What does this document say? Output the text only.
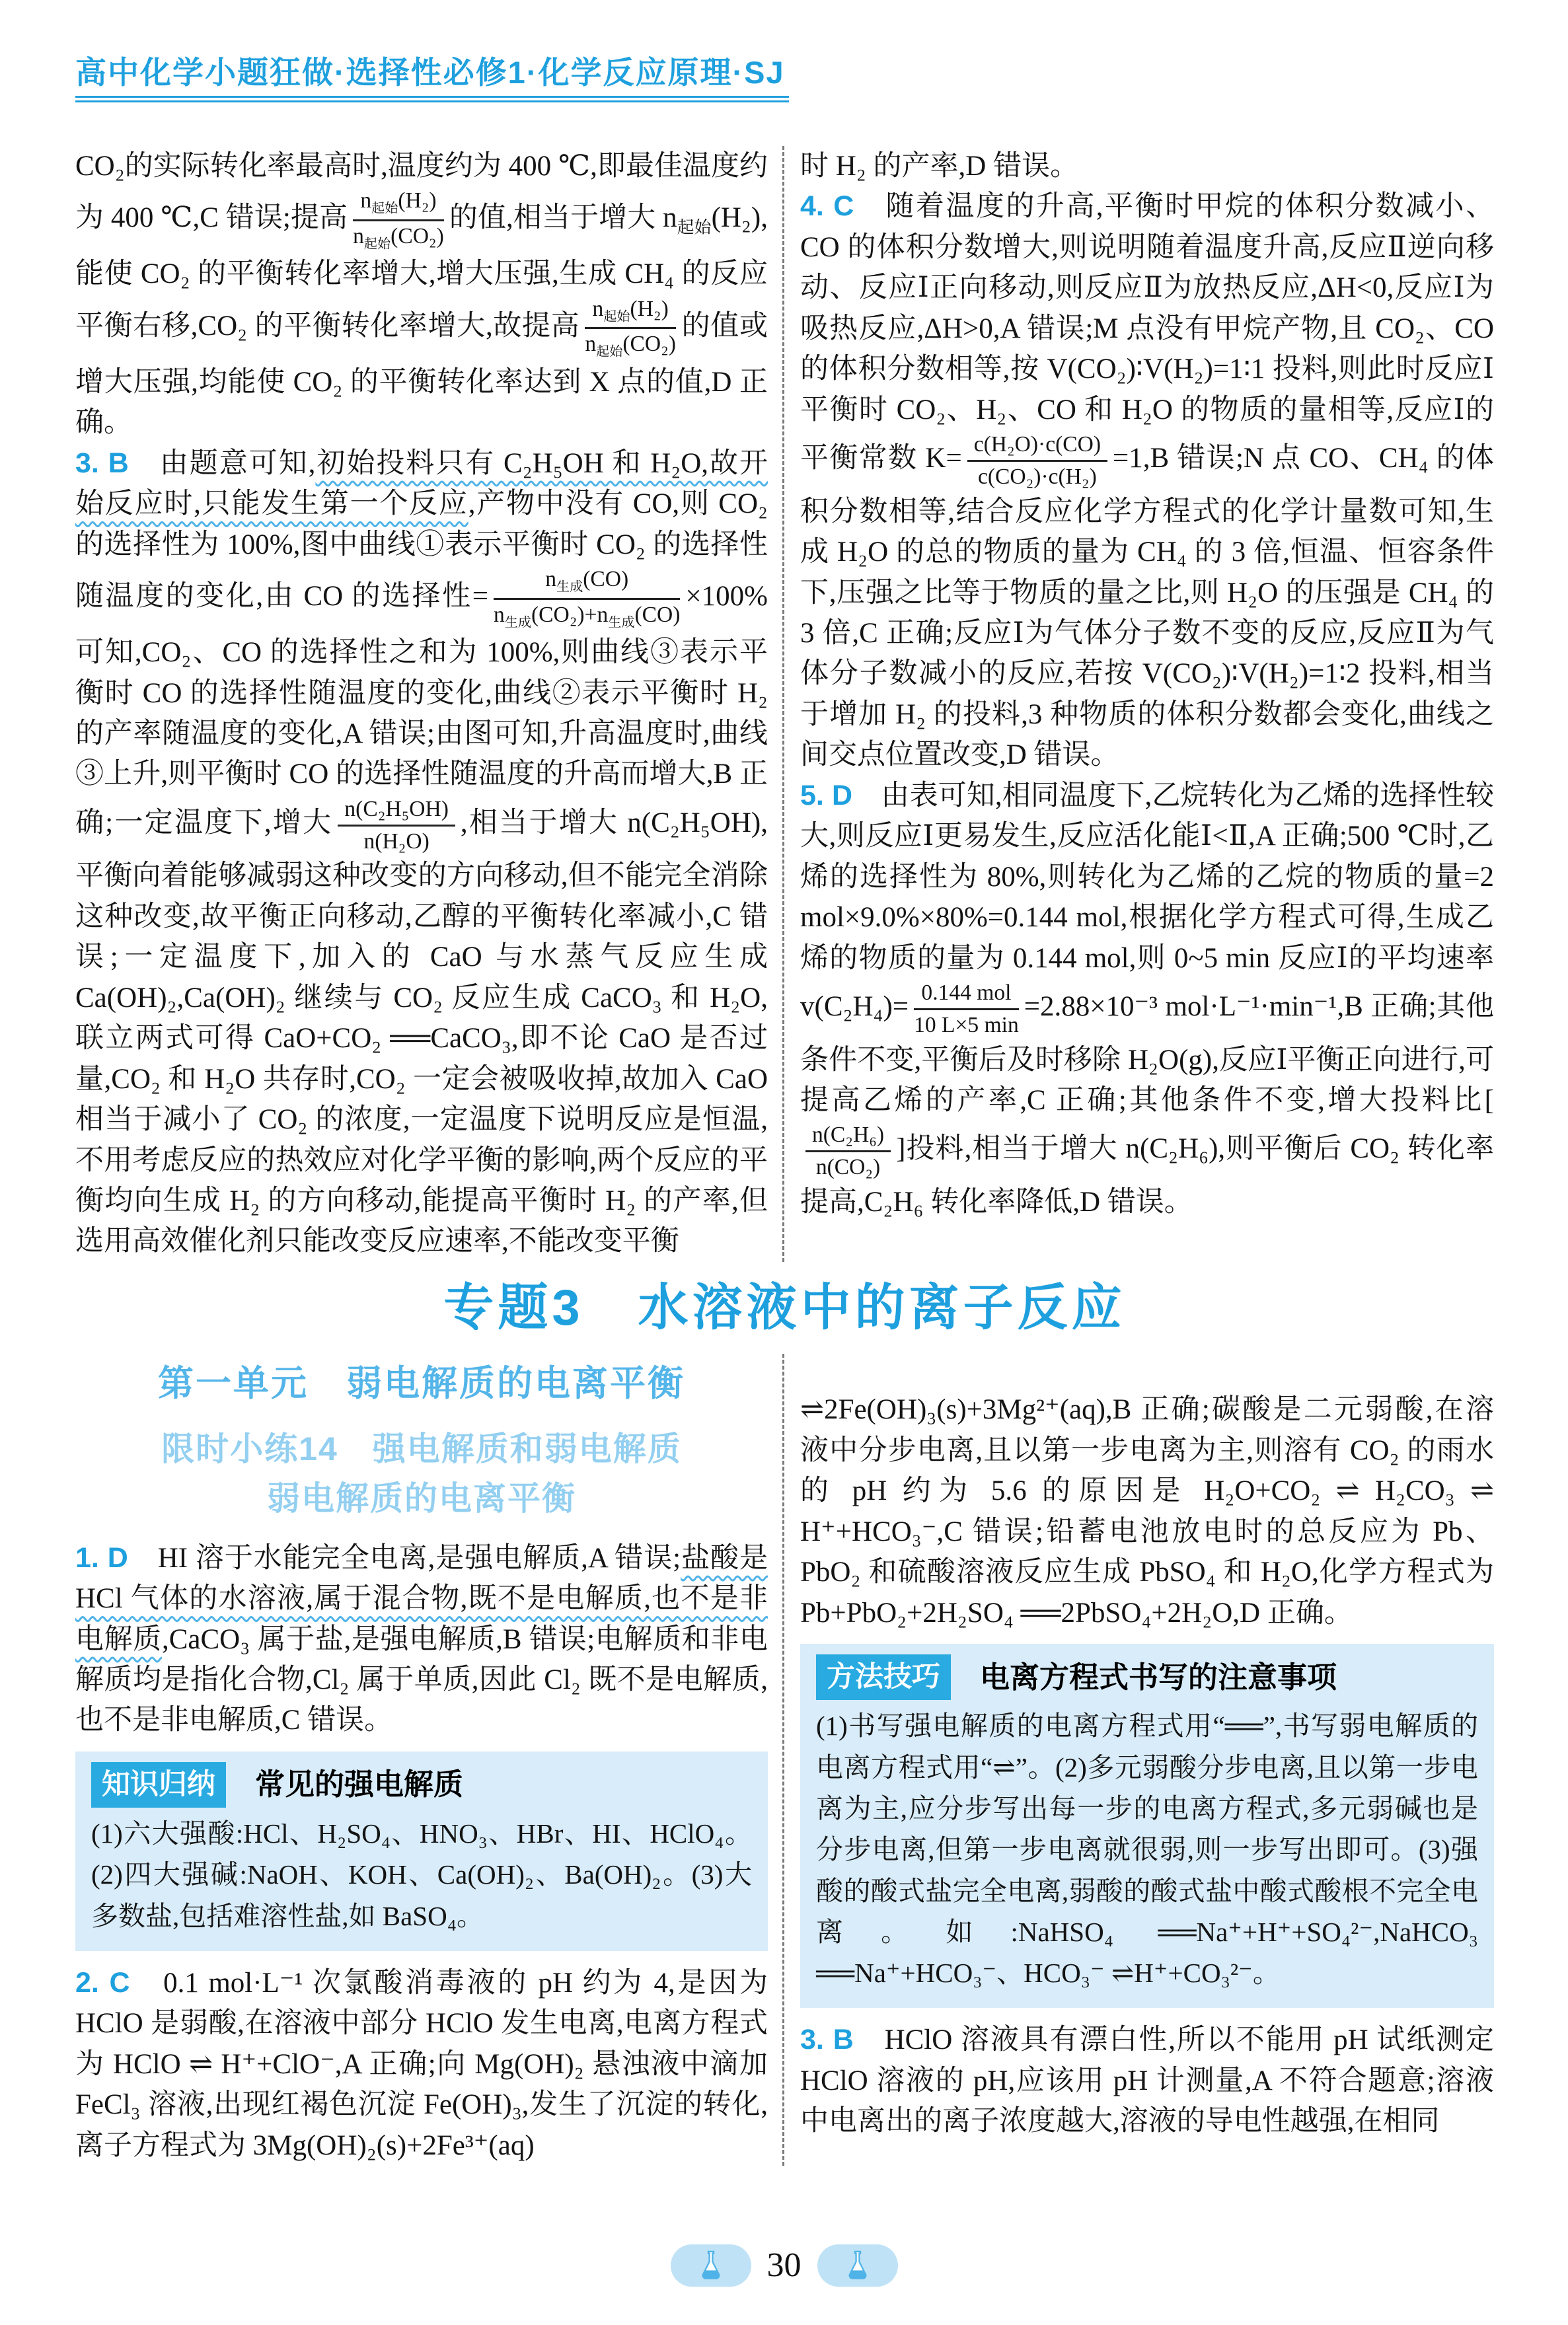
高中化学小题狂做·选择性必修1·化学反应原理·SJ

CO₂的实际转化率最高时,温度约为 400 ℃,即最佳温度约为 400 ℃,C 错误;提高 $\frac{n_{起始}(H_2)}{n_{起始}(CO_2)}$ 的值,相当于增大 $n_{起始}(H_2)$,能使 CO₂ 的平衡转化率增大,增大压强,生成 CH₄ 的反应平衡右移,CO₂ 的平衡转化率增大,故提高 $\frac{n_{起始}(H_2)}{n_{起始}(CO_2)}$ 的值或增大压强,均能使 CO₂ 的平衡转化率达到 X 点的值,D 正确。

3. B　由题意可知,初始投料只有 C₂H₅OH 和 H₂O,故开始反应时,只能发生第一个反应,产物中没有 CO,则 CO₂ 的选择性为 100%,图中曲线①表示平衡时 CO₂ 的选择性随温度的变化,由 CO 的选择性= $\frac{n_{生成}(CO)}{n_{生成}(CO_2)+n_{生成}(CO)} \times 100\%$可知,CO₂、CO 的选择性之和为 100%,则曲线③表示平衡时 CO 的选择性随温度的变化,曲线②表示平衡时 H₂ 的产率随温度的变化,A 错误;由图可知,升高温度时,曲线③上升,则平衡时 CO 的选择性随温度的升高而增大,B 正确;一定温度下,增大 $\frac{\text{n(C₂H₅OH)}}{\text{n(H₂O)}}$ ,相当于增大 n(C₂H₅OH),平衡向着能够减弱这种改变的方向移动,但不能完全消除这种改变,故平衡正向移动,乙醇的平衡转化率减小,C 错误;一定温度下,加入的 CaO 与水蒸气反应生成 Ca(OH)₂,Ca(OH)₂ 继续与 CO₂ 反应生成 CaCO₃ 和 H₂O,联立两式可得 CaO+CO₂ ══CaCO₃,即不论 CaO 是否过量,CO₂ 和 H₂O 共存时,CO₂ 一定会被吸收掉,故加入 CaO 相当于减小了 CO₂ 的浓度,一定温度下说明反应是恒温,不用考虑反应的热效应对化学平衡的影响,两个反应的平衡均向生成 H₂ 的方向移动,能提高平衡时 H₂ 的产率,但选用高效催化剂只能改变反应速率,不能改变平衡

时 H₂ 的产率,D 错误。

4. C　随着温度的升高,平衡时甲烷的体积分数减小、CO 的体积分数增大,则说明随着温度升高,反应Ⅱ逆向移动、反应Ⅰ正向移动,则反应Ⅱ为放热反应,ΔH<0,反应Ⅰ为吸热反应,ΔH>0,A 错误;M 点没有甲烷产物,且 CO₂、CO 的体积分数相等,按 V(CO₂)∶V(H₂)=1∶1 投料,则此时反应Ⅰ平衡时 CO₂、H₂、CO 和 H₂O 的物质的量相等,反应Ⅰ的平衡常数 $K= \frac{\text{c(H₂O)·c(CO)}}{\text{c(CO₂)·c(H₂)}} =1,B$ 错误;N 点 CO、CH₄ 的体积分数相等,结合反应化学方程式的化学计量数可知,生成 H₂O 的总的物质的量为 CH₄ 的 3 倍,恒温、恒容条件下,压强之比等于物质的量之比,则 H₂O 的压强是 CH₄ 的 3 倍,C 正确;反应Ⅰ为气体分子数不变的反应,反应Ⅱ为气体分子数减小的反应,若按 V(CO₂)∶V(H₂)=1∶2 投料,相当于增加 H₂ 的投料,3 种物质的体积分数都会变化,曲线之间交点位置改变,D 错误。

5. D　由表可知,相同温度下,乙烷转化为乙烯的选择性较大,则反应Ⅰ更易发生,反应活化能Ⅰ<Ⅱ,A 正确;500 ℃时,乙烯的选择性为 80%,则转化为乙烯的乙烷的物质的量=2 mol×9.0%×80%=0.144 mol,根据化学方程式可得,生成乙烯的物质的量为 0.144 mol,则 0~5 min 反应Ⅰ的平均速率 $v(C_2H_4)= \frac{\text{0.144 mol}}{10 L\times 5 \min} =2.88\times 10^{-3}$ mol·L⁻¹·min⁻¹,B 正确;其他条件不变,平衡后及时移除 H₂O(g),反应Ⅰ平衡正向进行,可提高乙烯的产率,C 正确;其他条件不变,增大投料比[
$\frac{\text{n(C₂H₆)}}{\text{n(CO₂)}}$ ]投料,相当于增大 n(C₂H₆),则平衡后 CO₂ 转化率提高,C₂H₆ 转化率降低,D 错误。

专题3　水溶液中的离子反应
第一单元　弱电解质的电离平衡
限时小练14　强电解质和弱电解质
弱电解质的电离平衡

1. D　HI 溶于水能完全电离,是强电解质,A 错误;盐酸是 HCl 气体的水溶液,属于混合物,既不是电解质,也不是非电解质,CaCO₃ 属于盐,是强电解质,B 错误;电解质和非电解质均是指化合物,Cl₂ 属于单质,因此 Cl₂ 既不是电解质,也不是非电解质,C 错误。

知识归纳	常见的强电解质

(1)六大强酸:HCl、H₂SO₄、HNO₃、HBr、HI、HClO₄。(2)四大强碱:NaOH、KOH、Ca(OH)₂、Ba(OH)₂。(3)大多数盐,包括难溶性盐,如 BaSO₄。

2. C　0.1 mol·L⁻¹ 次氯酸消毒液的 pH 约为 4,是因为 HClO 是弱酸,在溶液中部分 HClO 发生电离,电离方程式为 HClO ⇌ H⁺+ClO⁻,A 正确;向 Mg(OH)₂ 悬浊液中滴加 FeCl₃ 溶液,出现红褐色沉淀 Fe(OH)₃,发生了沉淀的转化,离子方程式为 3Mg(OH)₂(s)+2Fe³⁺(aq)

⇌2Fe(OH)₃(s)+3Mg²⁺(aq),B 正确;碳酸是二元弱酸,在溶液中分步电离,且以第一步电离为主,则溶有 CO₂ 的雨水的 pH 约为 5.6 的原因是 H₂O+CO₂ ⇌ H₂CO₃ ⇌ H⁺+HCO₃⁻,C 错误;铅蓄电池放电时的总反应为 Pb、PbO₂ 和硫酸溶液反应生成 PbSO₄ 和 H₂O,化学方程式为 Pb+PbO₂+2H₂SO₄ ══2PbSO₄+2H₂O,D 正确。

方法技巧	电离方程式书写的注意事项

(1)书写强电解质的电离方程式用“══”,书写弱电解质的电离方程式用“⇌”。(2)多元弱酸分步电离,且以第一步电离为主,应分步写出每一步的电离方程式,多元弱碱也是分步电离,但第一步电离就很弱,则一步写出即可。(3)强酸的酸式盐完全电离,弱酸的酸式盐中酸式酸根不完全电离。如:NaHSO₄ ══Na⁺+H⁺+SO₄²⁻,NaHCO₃ ══Na⁺+HCO₃⁻、HCO₃⁻ ⇌H⁺+CO₃²⁻。

3. B　HClO 溶液具有漂白性,所以不能用 pH 试纸测定 HClO 溶液的 pH,应该用 pH 计测量,A 不符合题意;溶液中电离出的离子浓度越大,溶液的导电性越强,在相同

30
